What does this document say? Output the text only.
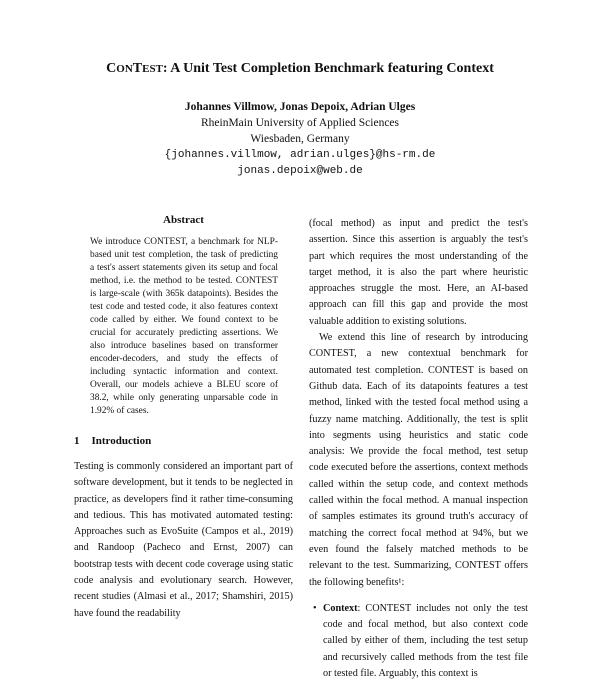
CONTEST: A Unit Test Completion Benchmark featuring Context
Johannes Villmow, Jonas Depoix, Adrian Ulges
RheinMain University of Applied Sciences
Wiesbaden, Germany
{johannes.villmow, adrian.ulges}@hs-rm.de
jonas.depoix@web.de
Abstract

We introduce CONTEST, a benchmark for NLP-based unit test completion, the task of predicting a test's assert statements given its setup and focal method, i.e. the method to be tested. CONTEST is large-scale (with 365k datapoints). Besides the test code and tested code, it also features context code called by either. We found context to be crucial for accurately predicting assertions. We also introduce baselines based on transformer encoder-decoders, and study the effects of including syntactic information and context. Overall, our models achieve a BLEU score of 38.2, while only generating unparsable code in 1.92% of cases.

1 Introduction

Testing is commonly considered an important part of software development, but it tends to be neglected in practice, as developers find it rather time-consuming and tedious. This has motivated automated testing: Approaches such as EvoSuite (Campos et al., 2019) and Randoop (Pacheco and Ernst, 2007) can bootstrap tests with decent code coverage using static code analysis and evolutionary search. However, recent studies (Almasi et al., 2017; Shamshiri, 2015) have found the readability

(focal method) as input and predict the test's assertion. Since this assertion is arguably the test's part which requires the most understanding of the target method, it is also the part where heuristic approaches struggle the most. Here, an AI-based approach can fill this gap and provide the most valuable addition to existing solutions.

We extend this line of research by introducing CONTEST, a new contextual benchmark for automated test completion. CONTEST is based on Github data. Each of its datapoints features a test method, linked with the tested focal method using a fuzzy name matching. Additionally, the test is split into segments using heuristics and static code analysis: We provide the focal method, test setup code executed before the assertions, context methods called within the setup code, and context methods called within the focal method. A manual inspection of samples estimates its ground truth's accuracy of matching the correct focal method at 94%, but we even found the falsely matched methods to be relevant to the test. Summarizing, CONTEST offers the following benefits¹:

• Context: CONTEST includes not only the test code and focal method, but also context code called by either of them, including the test setup and recursively called methods from the test file or tested file. Arguably, this context is
